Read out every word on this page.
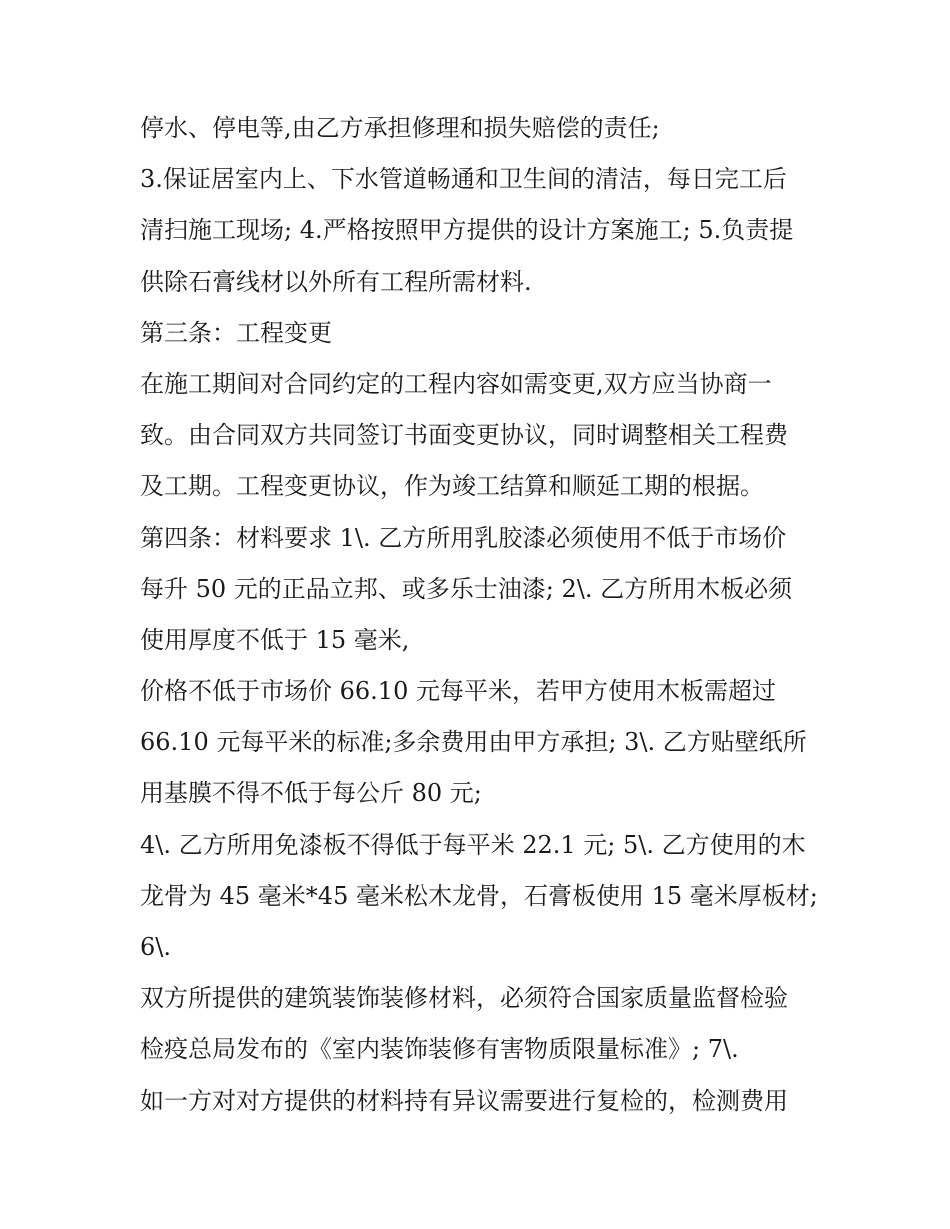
停水、停电等,由乙方承担修理和损失赔偿的责任;
3.保证居室内上、下水管道畅通和卫生间的清洁，每日完工后
清扫施工现场; 4.严格按照甲方提供的设计方案施工; 5.负责提
供除石膏线材以外所有工程所需材料.
第三条：工程变更
在施工期间对合同约定的工程内容如需变更,双方应当协商一
致。由合同双方共同签订书面变更协议，同时调整相关工程费
及工期。工程变更协议，作为竣工结算和顺延工期的根据。
第四条：材料要求 1\. 乙方所用乳胶漆必须使用不低于市场价
每升 50 元的正品立邦、或多乐士油漆; 2\. 乙方所用木板必须
使用厚度不低于 15 毫米,
价格不低于市场价 66.10 元每平米，若甲方使用木板需超过
66.10 元每平米的标准;多余费用由甲方承担; 3\. 乙方贴壁纸所
用基膜不得不低于每公斤 80 元;
4\. 乙方所用免漆板不得低于每平米 22.1 元; 5\. 乙方使用的木
龙骨为 45 毫米*45 毫米松木龙骨，石膏板使用 15 毫米厚板材;
6\.
双方所提供的建筑装饰装修材料，必须符合国家质量监督检验
检疫总局发布的《室内装饰装修有害物质限量标准》; 7\.
如一方对对方提供的材料持有异议需要进行复检的，检测费用
